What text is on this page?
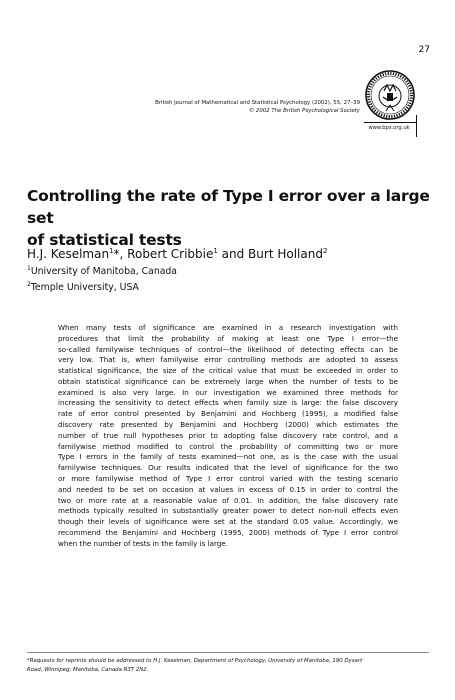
27
British Journal of Mathematical and Statistical Psychology (2002), 55, 27–39
© 2002 The British Psychological Society
www.bps.org.uk
Controlling the rate of Type I error over a large set
of statistical tests
H.J. Keselman$^1$*, Robert Cribbie$^1$ and Burt Holland$^2$
$^1$University of Manitoba, Canada
$^2$Temple University, USA
When many tests of significance are examined in a research investigation with
procedures that limit the probability of making at least one Type I error—the
so-called familywise techniques of control—the likelihood of detecting effects can be
very low. That is, when familywise error controlling methods are adopted to assess
statistical significance, the size of the critical value that must be exceeded in order to
obtain statistical significance can be extremely large when the number of tests to be
examined is also very large. In our investigation we examined three methods for
increasing the sensitivity to detect effects when family size is large: the false discovery
rate of error control presented by Benjamini and Hochberg (1995), a modified false
discovery rate presented by Benjamini and Hochberg (2000) which estimates the
number of true null hypotheses prior to adopting false discovery rate control, and a
familywise method modified to control the probability of committing two or more
Type I errors in the family of tests examined—not one, as is the case with the usual
familywise techniques. Our results indicated that the level of significance for the two
or more familywise method of Type I error control varied with the testing scenario
and needed to be set on occasion at values in excess of 0.15 in order to control the
two or more rate at a reasonable value of 0.01. In addition, the false discovery rate
methods typically resulted in substantially greater power to detect non-null effects even
though their levels of significance were set at the standard 0.05 value. Accordingly, we
recommend the Benjamini and Hochberg (1995, 2000) methods of Type I error control
when the number of tests in the family is large.
*Requests for reprints should be addressed to H.J. Keselman, Department of Psychology, University of Manitoba, 190 Dysart
Road, Winnipeg, Manitoba, Canada R3T 2N2.
